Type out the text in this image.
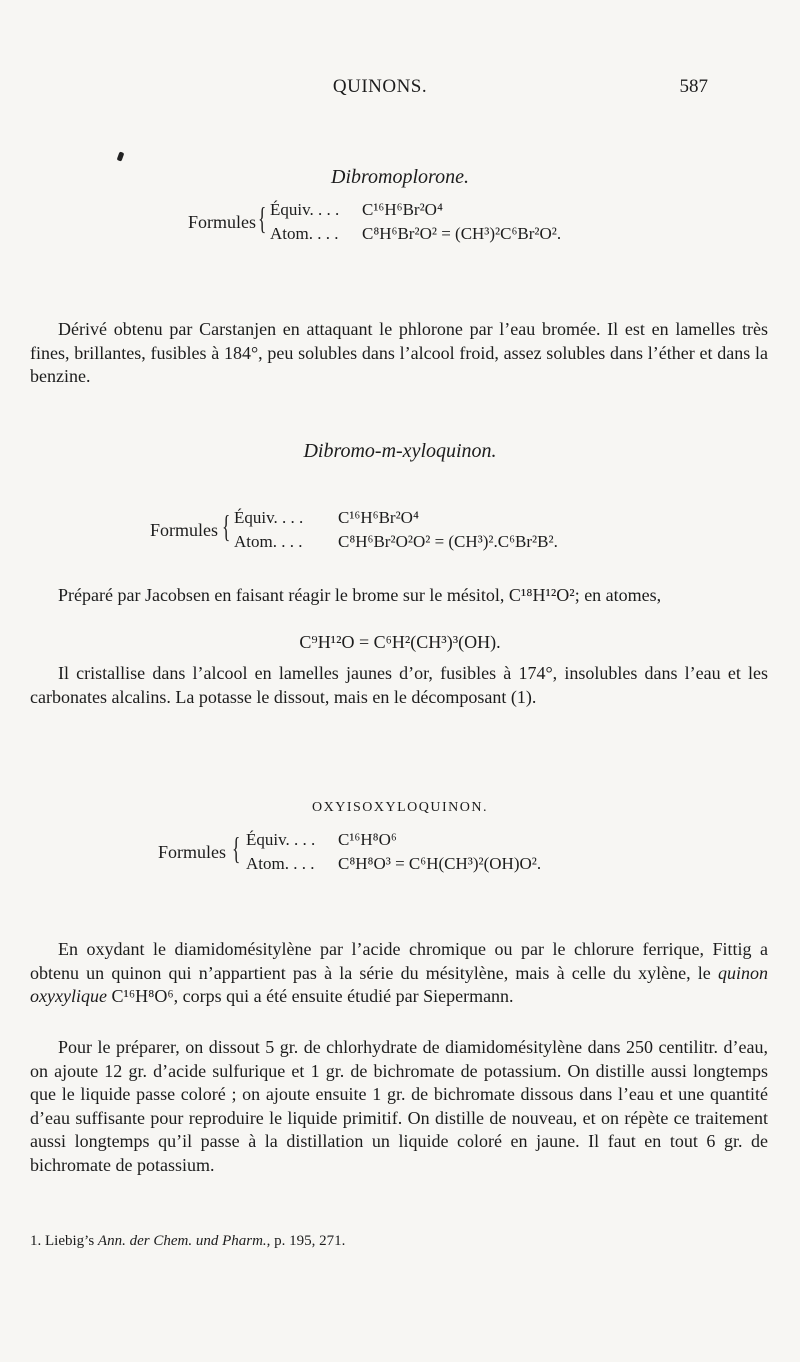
QUINONS.	587
Dibromoplorone.
Formules { Équiv. . . . C¹⁶H⁶Br²O⁴
Atom. . . . C⁸H⁶Br²O² = (CH³)²C⁶Br²O².
Dérivé obtenu par Carstanjen en attaquant le phlorone par l’eau bromée. Il est en lamelles très fines, brillantes, fusibles à 184°, peu solubles dans l’alcool froid, assez solubles dans l’éther et dans la benzine.
Dibromo-m-xyloquinon.
Formules { Équiv. . . . C¹⁶H⁶Br²O⁴
Atom. . . . C⁸H⁶Br²O²O² = (CH³)².C⁶Br²B².
Préparé par Jacobsen en faisant réagir le brome sur le mésitol, C¹⁸H¹²O²; en atomes,
C⁹H¹²O = C⁶H²(CH³)³(OH).
Il cristallise dans l’alcool en lamelles jaunes d’or, fusibles à 174°, insolubles dans l’eau et les carbonates alcalins. La potasse le dissout, mais en le décomposant (1).
OXYISOXYLOQUINON.
Formules { Équiv. . . . C¹⁶H⁸O⁶
Atom. . . . C⁸H⁸O³ = C⁶H(CH³)²(OH)O².
En oxydant le diamidomésitylène par l’acide chromique ou par le chlorure ferrique, Fittig a obtenu un quinon qui n’appartient pas à la série du mésitylène, mais à celle du xylène, le quinon oxyxylique C¹⁶H⁸O⁶, corps qui a été ensuite étudié par Siepermann.
Pour le préparer, on dissout 5 gr. de chlorhydrate de diamidomésitylène dans 250 centilitr. d’eau, on ajoute 12 gr. d’acide sulfurique et 1 gr. de bichromate de potassium. On distille aussi longtemps que le liquide passe coloré ; on ajoute ensuite 1 gr. de bichromate dissous dans l’eau et une quantité d’eau suffisante pour reproduire le liquide primitif. On distille de nouveau, et on répète ce traitement aussi longtemps qu’il passe à la distillation un liquide coloré en jaune. Il faut en tout 6 gr. de bichromate de potassium.
1. Liebig’s Ann. der Chem. und Pharm., p. 195, 271.
